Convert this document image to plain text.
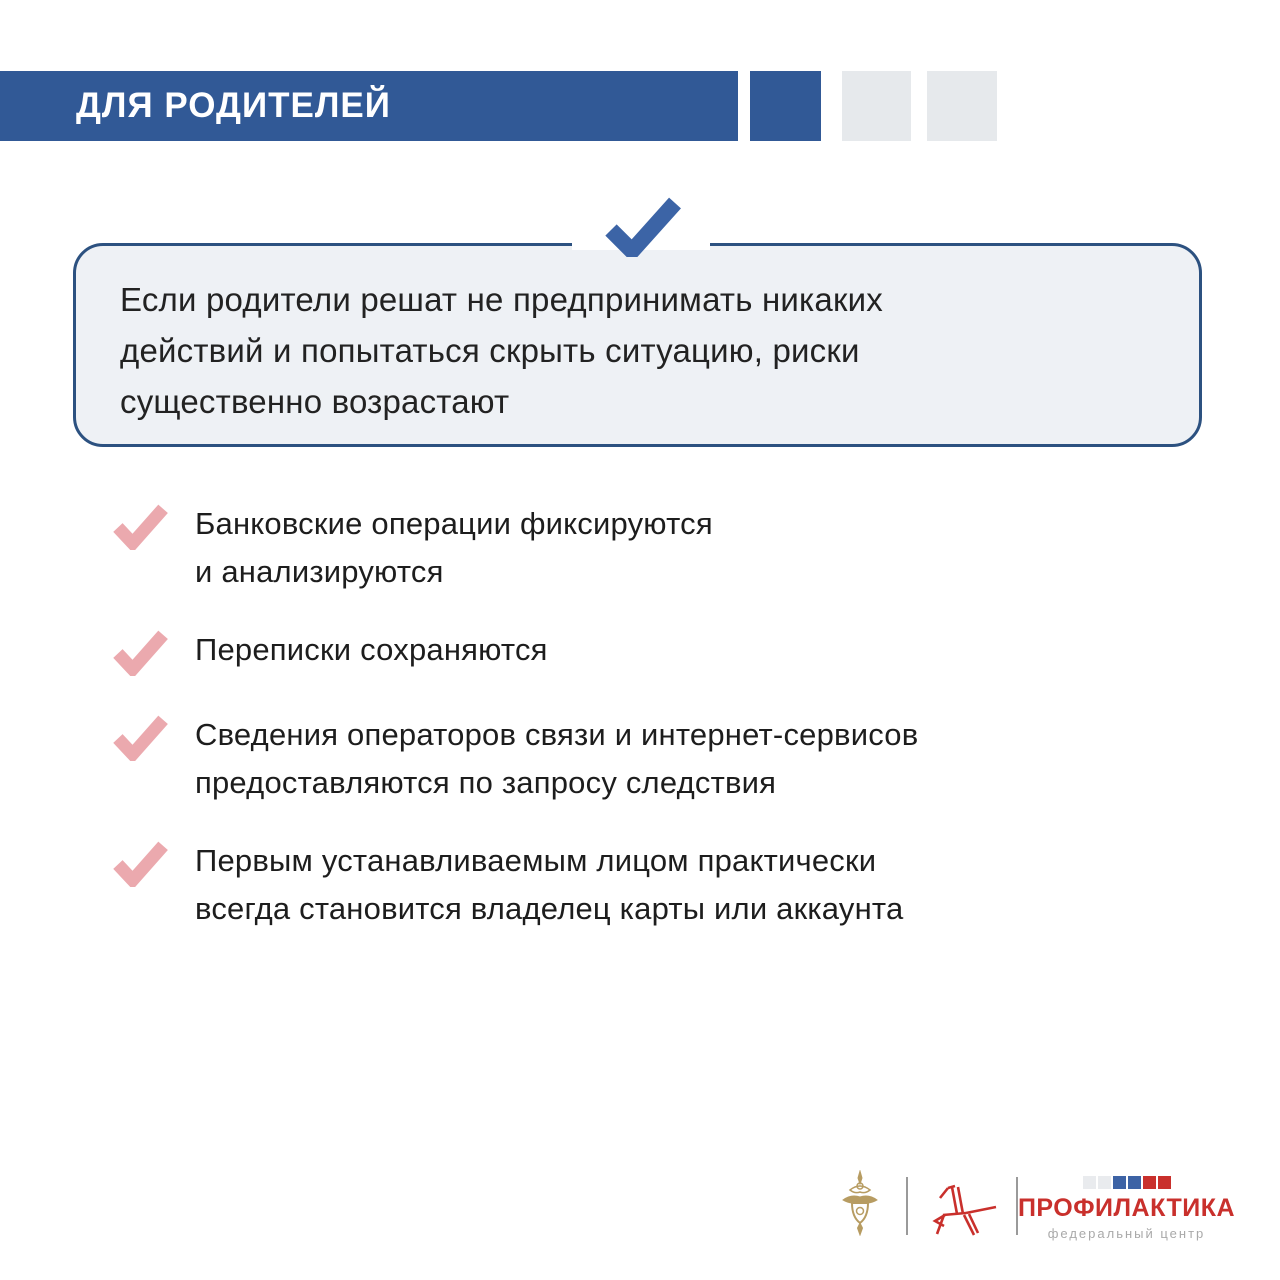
ДЛЯ РОДИТЕЛЕЙ
Если родители решат не предпринимать никаких
действий и попытаться скрыть ситуацию, риски
существенно возрастают
Банковские операции фиксируются
и анализируются
Переписки сохраняются
Сведения операторов связи и интернет-сервисов
предоставляются по запросу следствия
Первым устанавливаемым лицом практически
всегда становится владелец карты или аккаунта
ПРОФИЛАКТИКА
федеральный центр
